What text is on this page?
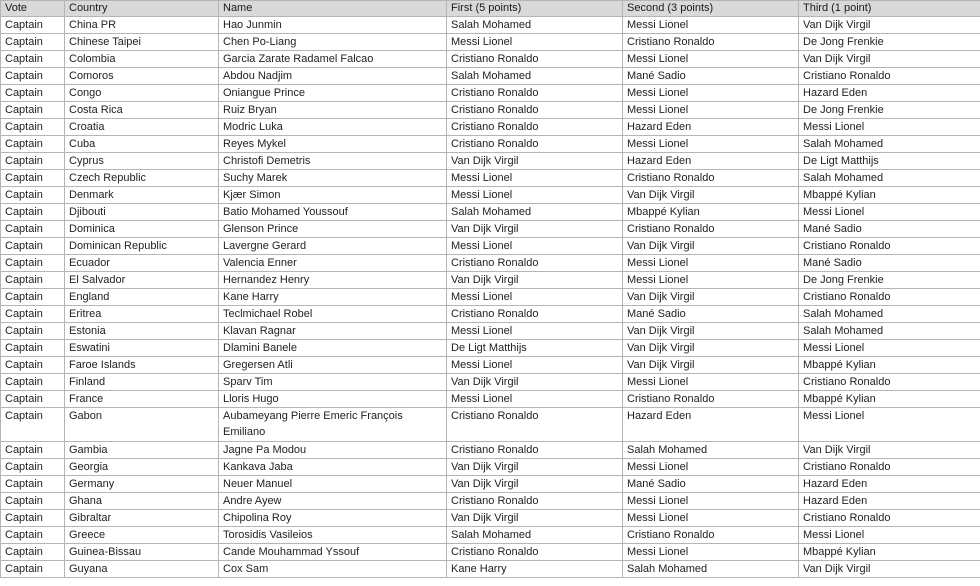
Vote	Country	Name	First (5 points)	Second (3 points)	Third (1 point)
Captain	China PR	Hao Junmin	Salah Mohamed	Messi Lionel	Van Dijk Virgil
Captain	Chinese Taipei	Chen Po-Liang	Messi Lionel	Cristiano Ronaldo	De Jong Frenkie
Captain	Colombia	Garcia Zarate Radamel Falcao	Cristiano Ronaldo	Messi Lionel	Van Dijk Virgil
Captain	Comoros	Abdou Nadjim	Salah Mohamed	Mané Sadio	Cristiano Ronaldo
Captain	Congo	Oniangue Prince	Cristiano Ronaldo	Messi Lionel	Hazard Eden
Captain	Costa Rica	Ruiz Bryan	Cristiano Ronaldo	Messi Lionel	De Jong Frenkie
Captain	Croatia	Modric Luka	Cristiano Ronaldo	Hazard Eden	Messi Lionel
Captain	Cuba	Reyes Mykel	Cristiano Ronaldo	Messi Lionel	Salah Mohamed
Captain	Cyprus	Christofi Demetris	Van Dijk Virgil	Hazard Eden	De Ligt Matthijs
Captain	Czech Republic	Suchy Marek	Messi Lionel	Cristiano Ronaldo	Salah Mohamed
Captain	Denmark	Kjær Simon	Messi Lionel	Van Dijk Virgil	Mbappé Kylian
Captain	Djibouti	Batio Mohamed Youssouf	Salah Mohamed	Mbappé Kylian	Messi Lionel
Captain	Dominica	Glenson Prince	Van Dijk Virgil	Cristiano Ronaldo	Mané Sadio
Captain	Dominican Republic	Lavergne Gerard	Messi Lionel	Van Dijk Virgil	Cristiano Ronaldo
Captain	Ecuador	Valencia Enner	Cristiano Ronaldo	Messi Lionel	Mané Sadio
Captain	El Salvador	Hernandez Henry	Van Dijk Virgil	Messi Lionel	De Jong Frenkie
Captain	England	Kane Harry	Messi Lionel	Van Dijk Virgil	Cristiano Ronaldo
Captain	Eritrea	Teclmichael Robel	Cristiano Ronaldo	Mané Sadio	Salah Mohamed
Captain	Estonia	Klavan Ragnar	Messi Lionel	Van Dijk Virgil	Salah Mohamed
Captain	Eswatini	Dlamini Banele	De Ligt Matthijs	Van Dijk Virgil	Messi Lionel
Captain	Faroe Islands	Gregersen Atli	Messi Lionel	Van Dijk Virgil	Mbappé Kylian
Captain	Finland	Sparv Tim	Van Dijk Virgil	Messi Lionel	Cristiano Ronaldo
Captain	France	Lloris Hugo	Messi Lionel	Cristiano Ronaldo	Mbappé Kylian
Captain	Gabon	Aubameyang Pierre Emeric François Emiliano	Cristiano Ronaldo	Hazard Eden	Messi Lionel
Captain	Gambia	Jagne Pa Modou	Cristiano Ronaldo	Salah Mohamed	Van Dijk Virgil
Captain	Georgia	Kankava Jaba	Van Dijk Virgil	Messi Lionel	Cristiano Ronaldo
Captain	Germany	Neuer Manuel	Van Dijk Virgil	Mané Sadio	Hazard Eden
Captain	Ghana	Andre Ayew	Cristiano Ronaldo	Messi Lionel	Hazard Eden
Captain	Gibraltar	Chipolina Roy	Van Dijk Virgil	Messi Lionel	Cristiano Ronaldo
Captain	Greece	Torosidis Vasileios	Salah Mohamed	Cristiano Ronaldo	Messi Lionel
Captain	Guinea-Bissau	Cande Mouhammad Yssouf	Cristiano Ronaldo	Messi Lionel	Mbappé Kylian
Captain	Guyana	Cox Sam	Kane Harry	Salah Mohamed	Van Dijk Virgil
